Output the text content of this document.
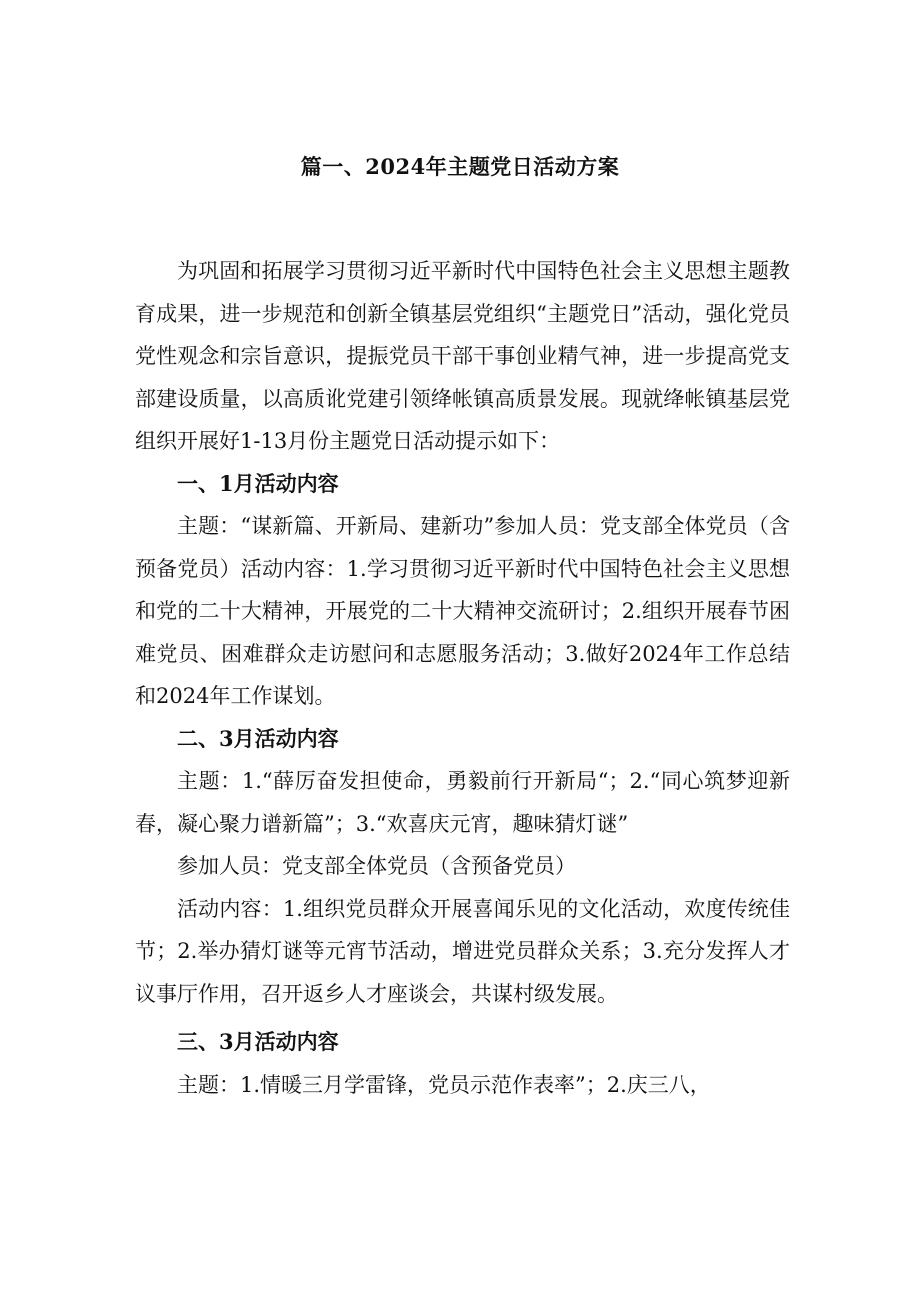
篇一、2024年主题党日活动方案

为巩固和拓展学习贯彻习近平新时代中国特色社会主义思想主题教育成果，进一步规范和创新全镇基层党组织“主题党日”活动，强化党员党性观念和宗旨意识，提振党员干部干事创业精气神，进一步提高党支部建设质量，以高质讹党建引领绛帐镇高质景发展。现就绛帐镇基层党组织开展好1-13月份主题党日活动提示如下：

一、1月活动内容

主题：“谋新篇、开新局、建新功”参加人员：党支部全体党员（含预备党员）活动内容：1.学习贯彻习近平新时代中国特色社会主义思想和党的二十大精神，开展党的二十大精神交流研讨；2.组织开展春节困难党员、困难群众走访慰问和志愿服务活动；3.做好2024年工作总结和2024年工作谋划。

二、3月活动内容

主题：1.“薛厉奋发担使命，勇毅前行开新局“；2.“同心筑梦迎新春，凝心聚力谱新篇”；3.“欢喜庆元宵，趣味猜灯谜”

参加人员：党支部全体党员（含预备党员）

活动内容：1.组织党员群众开展喜闻乐见的文化活动，欢度传统佳节；2.举办猜灯谜等元宵节活动，增进党员群众关系；3.充分发挥人才议事厅作用，召开返乡人才座谈会，共谋村级发展。

三、3月活动内容

主题：1.情暖三月学雷锋，党员示范作表率”；2.庆三八，
